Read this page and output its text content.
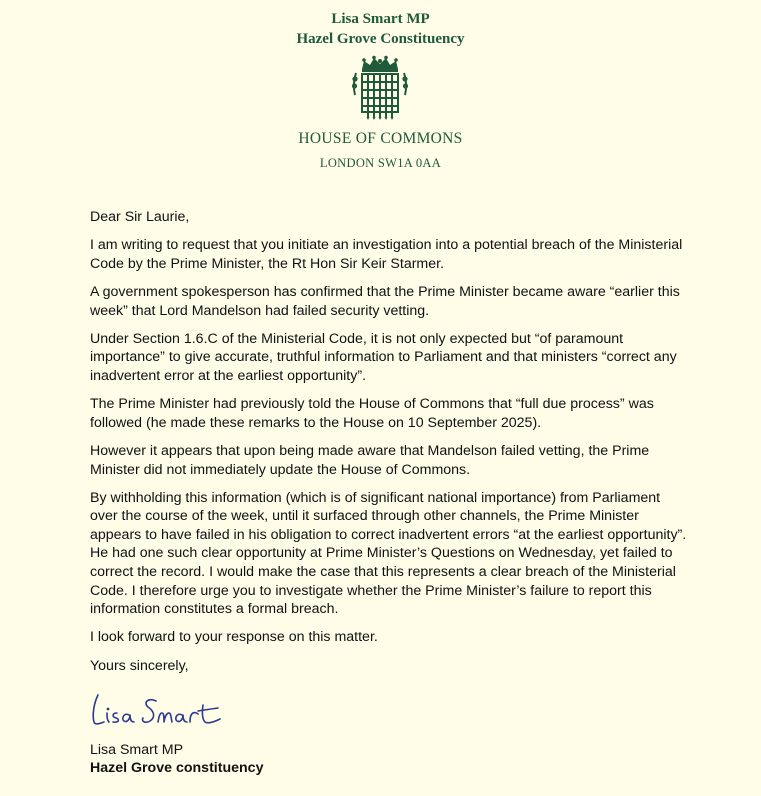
Lisa Smart MP
Hazel Grove Constituency
HOUSE OF COMMONS
LONDON SW1A 0AA

Dear Sir Laurie,

I am writing to request that you initiate an investigation into a potential breach of the Ministerial Code by the Prime Minister, the Rt Hon Sir Keir Starmer.

A government spokesperson has confirmed that the Prime Minister became aware “earlier this week” that Lord Mandelson had failed security vetting.

Under Section 1.6.C of the Ministerial Code, it is not only expected but “of paramount importance” to give accurate, truthful information to Parliament and that ministers “correct any inadvertent error at the earliest opportunity”.

The Prime Minister had previously told the House of Commons that “full due process” was followed (he made these remarks to the House on 10 September 2025).

However it appears that upon being made aware that Mandelson failed vetting, the Prime Minister did not immediately update the House of Commons.

By withholding this information (which is of significant national importance) from Parliament over the course of the week, until it surfaced through other channels, the Prime Minister appears to have failed in his obligation to correct inadvertent errors “at the earliest opportunity”. He had one such clear opportunity at Prime Minister’s Questions on Wednesday, yet failed to correct the record. I would make the case that this represents a clear breach of the Ministerial Code. I therefore urge you to investigate whether the Prime Minister’s failure to report this information constitutes a formal breach.

I look forward to your response on this matter.

Yours sincerely,

Lisa Smart MP
Hazel Grove constituency
